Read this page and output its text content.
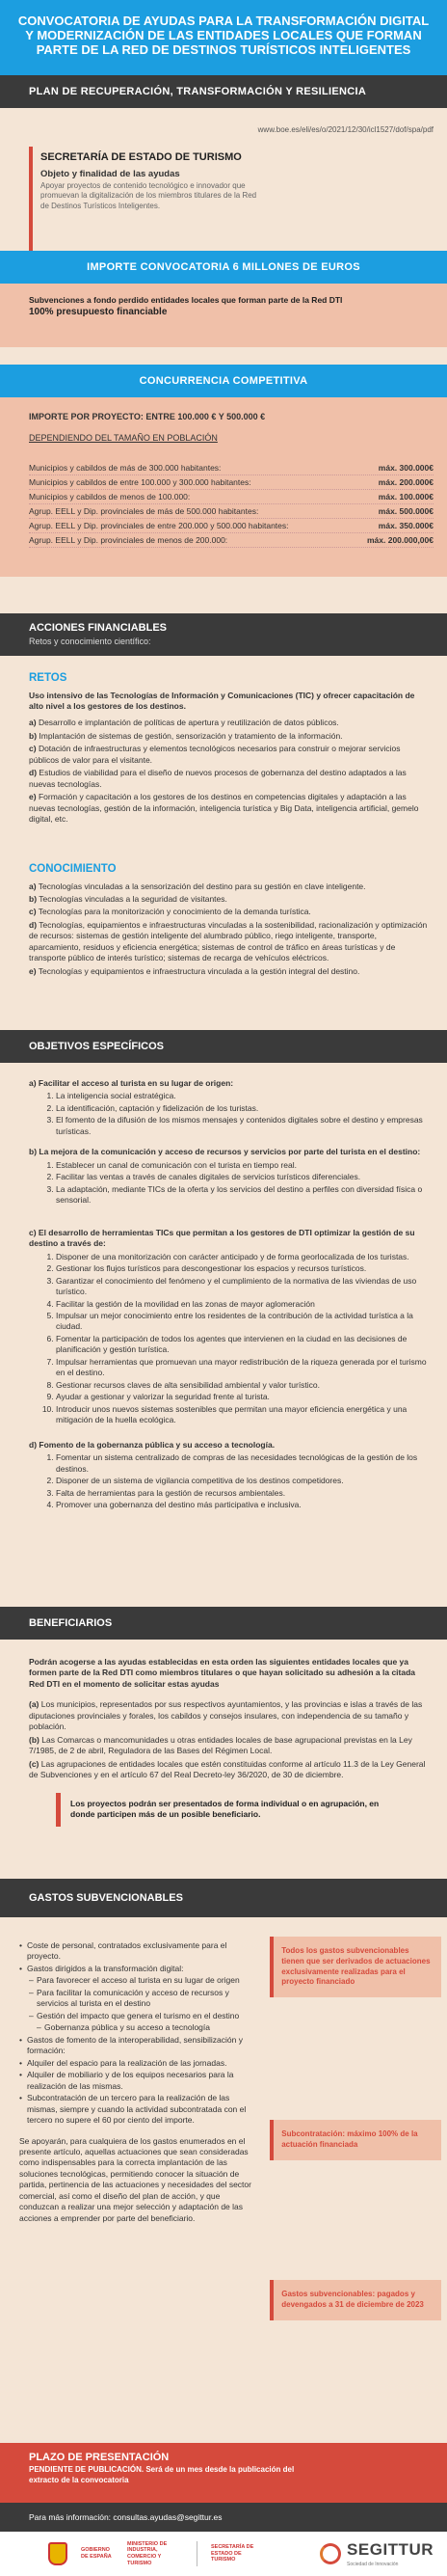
CONVOCATORIA DE AYUDAS PARA LA TRANSFORMACIÓN DIGITAL Y MODERNIZACIÓN DE LAS ENTIDADES LOCALES QUE FORMAN PARTE DE LA RED DE DESTINOS TURÍSTICOS INTELIGENTES
PLAN DE RECUPERACIÓN, TRANSFORMACIÓN Y RESILIENCIA
www.boe.es/eli/es/o/2021/12/30/icl1527/dof/spa/pdf
SECRETARÍA DE ESTADO DE TURISMO
Objeto y finalidad de las ayudas

Apoyar proyectos de contenido tecnológico e innovador que promuevan la digitalización de los miembros titulares de la Red de Destinos Turísticos Inteligentes.

IMPORTE CONVOCATORIA 6 MILLONES DE EUROS
Subvenciones a fondo perdido entidades locales que forman parte de la Red DTI
100% presupuesto financiable
CONCURRENCIA COMPETITIVA
IMPORTE POR PROYECTO: ENTRE 100.000 € Y 500.000 €
DEPENDIENDO DEL TAMAÑO EN POBLACIÓN
Municipios y cabildos de más de 300.000 habitantes:	máx. 300.000€
Municipios y cabildos de entre 100.000 y 300.000 habitantes:	máx. 200.000€
Municipios y cabildos de menos de 100.000:	máx. 100.000€
Agrup. EELL y Dip. provinciales de más de 500.000 habitantes:	máx. 500.000€
Agrup. EELL y Dip. provinciales de entre 200.000 y 500.000 habitantes:	máx. 350.000€
Agrup. EELL y Dip. provinciales de menos de 200.000:	máx. 200.000,00€
ACCIONES FINANCIABLES
Retos y conocimiento científico:
RETOS
Uso intensivo de las Tecnologías de Información y Comunicaciones (TIC) y ofrecer capacitación de alto nivel a los gestores de los destinos.

a) Desarrollo e implantación de políticas de apertura y reutilización de datos públicos.

b) Implantación de sistemas de gestión, sensorización y tratamiento de la información.

c) Dotación de infraestructuras y elementos tecnológicos necesarios para construir o mejorar servicios públicos de valor para el visitante.

d) Estudios de viabilidad para el diseño de nuevos procesos de gobernanza del destino adaptados a las nuevas tecnologías.

e) Formación y capacitación a los gestores de los destinos en competencias digitales y adaptación a las nuevas tecnologías, gestión de la información, inteligencia turística y Big Data, inteligencia artificial, gemelo digital, etc.

CONOCIMIENTO

a) Tecnologías vinculadas a la sensorización del destino para su gestión en clave inteligente.

b) Tecnologías vinculadas a la seguridad de visitantes.

c) Tecnologías para la monitorización y conocimiento de la demanda turística.

d) Tecnologías, equipamientos e infraestructuras vinculadas a la sostenibilidad, racionalización y optimización de recursos: sistemas de gestión inteligente del alumbrado público, riego inteligente, transporte, aparcamiento, residuos y eficiencia energética; sistemas de control de tráfico en áreas turísticas y de transporte público de interés turístico; sistemas de recarga de vehículos eléctricos.

e) Tecnologías y equipamientos e infraestructura vinculada a la gestión integral del destino.

OBJETIVOS ESPECÍFICOS
a) Facilitar el acceso al turista en su lugar de origen:
1. La inteligencia social estratégica.
2. La identificación, captación y fidelización de los turistas.
3. El fomento de la difusión de los mismos mensajes y contenidos digitales sobre el destino y empresas turísticas.
b) La mejora de la comunicación y acceso de recursos y servicios por parte del turista en el destino:
1. Establecer un canal de comunicación con el turista en tiempo real.
2. Facilitar las ventas a través de canales digitales de servicios turísticos diferenciales.
3. La adaptación, mediante TICs de la oferta y los servicios del destino a perfiles con diversidad física o sensorial.
c) El desarrollo de herramientas TICs que permitan a los gestores de DTI optimizar la gestión de su destino a través de:
1. Disponer de una monitorización con carácter anticipado y de forma georlocalizada de los turistas.
2. Gestionar los flujos turísticos para descongestionar los espacios y recursos turísticos.
3. Garantizar el conocimiento del fenómeno y el cumplimiento de la normativa de las viviendas de uso turístico.
4. Facilitar la gestión de la movilidad en las zonas de mayor aglomeración
5. Impulsar un mejor conocimiento entre los residentes de la contribución de la actividad turística a la ciudad.
6. Fomentar la participación de todos los agentes que intervienen en la ciudad en las decisiones de planificación y gestión turística.
7. Impulsar herramientas que promuevan una mayor redistribución de la riqueza generada por el turismo en el destino.
8. Gestionar recursos claves de alta sensibilidad ambiental y valor turístico.
9. Ayudar a gestionar y valorizar la seguridad frente al turista.
10. Introducir unos nuevos sistemas sostenibles que permitan una mayor eficiencia energética y una mitigación de la huella ecológica.
d) Fomento de la gobernanza pública y su acceso a tecnología.
1. Fomentar un sistema centralizado de compras de las necesidades tecnológicas de la gestión de los destinos.
2. Disponer de un sistema de vigilancia competitiva de los destinos competidores.
3. Falta de herramientas para la gestión de recursos ambientales.
4. Promover una gobernanza del destino más participativa e inclusiva.
BENEFICIARIOS
Podrán acogerse a las ayudas establecidas en esta orden las siguientes entidades locales que ya formen parte de la Red DTI como miembros titulares o que hayan solicitado su adhesión a la citada Red DTI en el momento de solicitar estas ayudas

(a) Los municipios, representados por sus respectivos ayuntamientos, y las provincias e islas a través de las diputaciones provinciales y forales, los cabildos y consejos insulares, con independencia de su tamaño y población.

(b) Las Comarcas o mancomunidades u otras entidades locales de base agrupacional previstas en la Ley 7/1985, de 2 de abril, Reguladora de las Bases del Régimen Local.

(c) Las agrupaciones de entidades locales que estén constituidas conforme al artículo 11.3 de la Ley General de Subvenciones y en el artículo 67 del Real Decreto-ley 36/2020, de 30 de diciembre.

Los proyectos podrán ser presentados de forma individual o en agrupación, en donde participen más de un posible beneficiario.
GASTOS SUBVENCIONABLES
• Coste de personal, contratados exclusivamente para el proyecto.
• Gastos dirigidos a la transformación digital:
– Para favorecer el acceso al turista en su lugar de origen
– Para facilitar la comunicación y acceso de recursos y servicios al turista en el destino
– Gestión del impacto que genera el turismo en el destino
– Gobernanza pública y su acceso a tecnología
• Gastos de fomento de la interoperabilidad, sensibilización y formación:
• Alquiler del espacio para la realización de las jornadas.
• Alquiler de mobiliario y de los equipos necesarios para la realización de las mismas.
• Subcontratación de un tercero para la realización de las mismas, siempre y cuando la actividad subcontratada con el tercero no supere el 60 por ciento del importe.

Se apoyarán, para cualquiera de los gastos enumerados en el presente artículo, aquellas actuaciones que sean consideradas como indispensables para la correcta implantación de las soluciones tecnológicas, permitiendo conocer la situación de partida, pertinencia de las actuaciones y necesidades del sector comercial, así como el diseño del plan de acción, y que conduzcan a realizar una mejor selección y adaptación de las acciones a emprender por parte del beneficiario.

Todos los gastos subvencionables tienen que ser derivados de actuaciones exclusivamente realizadas para el proyecto financiado
Subcontratación: máximo 100% de la actuación financiada
Gastos subvencionables: pagados y devengados a 31 de diciembre de 2023
PLAZO DE PRESENTACIÓN
PENDIENTE DE PUBLICACIÓN. Será de un mes desde la publicación del extracto de la convocatoria
Para más información: consultas.ayudas@segittur.es
GOBIERNO DE ESPAÑA
MINISTERIO DE INDUSTRIA, COMERCIO Y TURISMO
SECRETARÍA DE ESTADO DE TURISMO
SEGITTUR
Sociedad de Innovación
